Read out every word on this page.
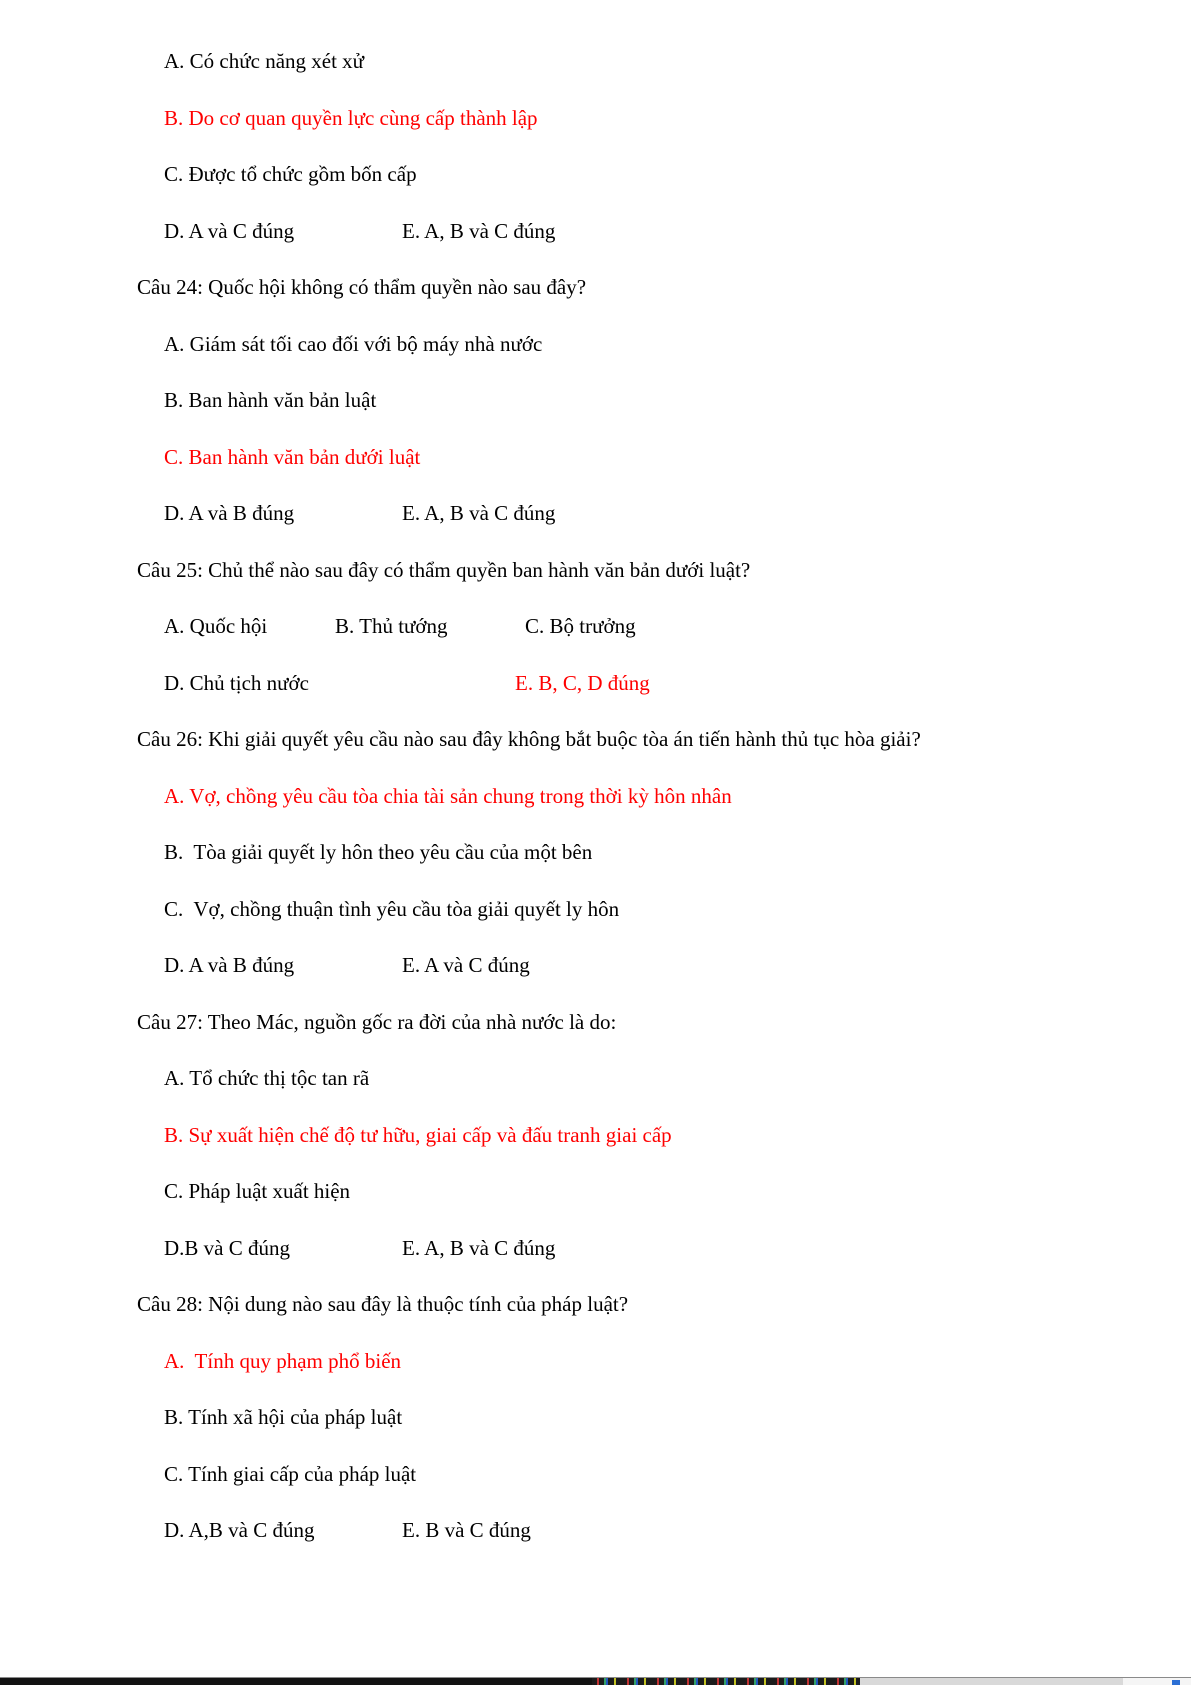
A. Có chức năng xét xử

B. Do cơ quan quyền lực cùng cấp thành lập

C. Được tổ chức gồm bốn cấp

D. A và C đúng	E. A, B và C đúng

Câu 24: Quốc hội không có thẩm quyền nào sau đây?

A. Giám sát tối cao đối với bộ máy nhà nước

B. Ban hành văn bản luật

C. Ban hành văn bản dưới luật

D. A và B đúng	E. A, B và C đúng

Câu 25: Chủ thể nào sau đây có thẩm quyền ban hành văn bản dưới luật?

A. Quốc hội	B. Thủ tướng	C. Bộ trưởng

D. Chủ tịch nước	E. B, C, D đúng

Câu 26: Khi giải quyết yêu cầu nào sau đây không bắt buộc tòa án tiến hành thủ tục hòa giải?

A. Vợ, chồng yêu cầu tòa chia tài sản chung trong thời kỳ hôn nhân

B.  Tòa giải quyết ly hôn theo yêu cầu của một bên

C.  Vợ, chồng thuận tình yêu cầu tòa giải quyết ly hôn

D. A và B đúng	E. A và C đúng

Câu 27: Theo Mác, nguồn gốc ra đời của nhà nước là do:

A. Tổ chức thị tộc tan rã

B. Sự xuất hiện chế độ tư hữu, giai cấp và đấu tranh giai cấp

C. Pháp luật xuất hiện

D.B và C đúng	E. A, B và C đúng

Câu 28: Nội dung nào sau đây là thuộc tính của pháp luật?

A.  Tính quy phạm phổ biến

B. Tính xã hội của pháp luật

C. Tính giai cấp của pháp luật

D. A,B và C đúng	E. B và C đúng
